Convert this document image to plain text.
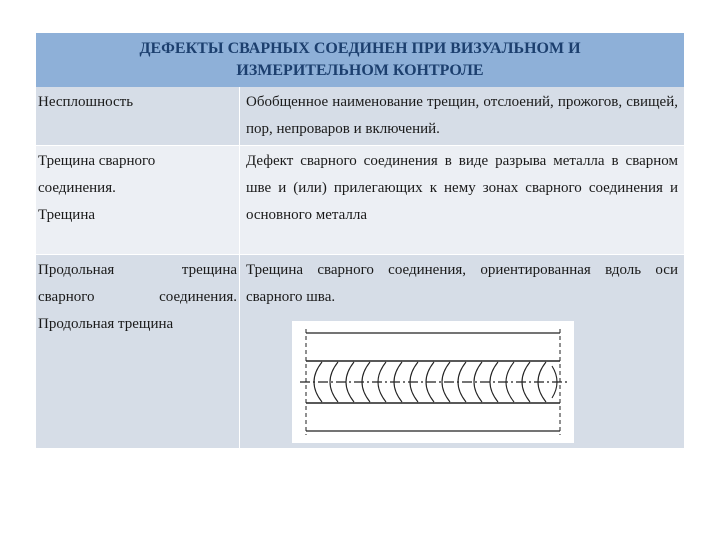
ДЕФЕКТЫ СВАРНЫХ СОЕДИНЕН ПРИ ВИЗУАЛЬНОМ И
ИЗМЕРИТЕЛЬНОМ КОНТРОЛЕ
Несплошность	Обобщенное наименование трещин, отслоений, прожогов, свищей, пор, непроваров и включений.
Трещина сварного
соединения.
Трещина
Дефект сварного соединения в виде разрыва металла в сварном шве и (или) прилегающих к нему зонах сварного соединения и основного металла
Продольная трещина
сварного соединения.
Продольная трещина
Трещина сварного соединения, ориентированная вдоль оси сварного шва.
